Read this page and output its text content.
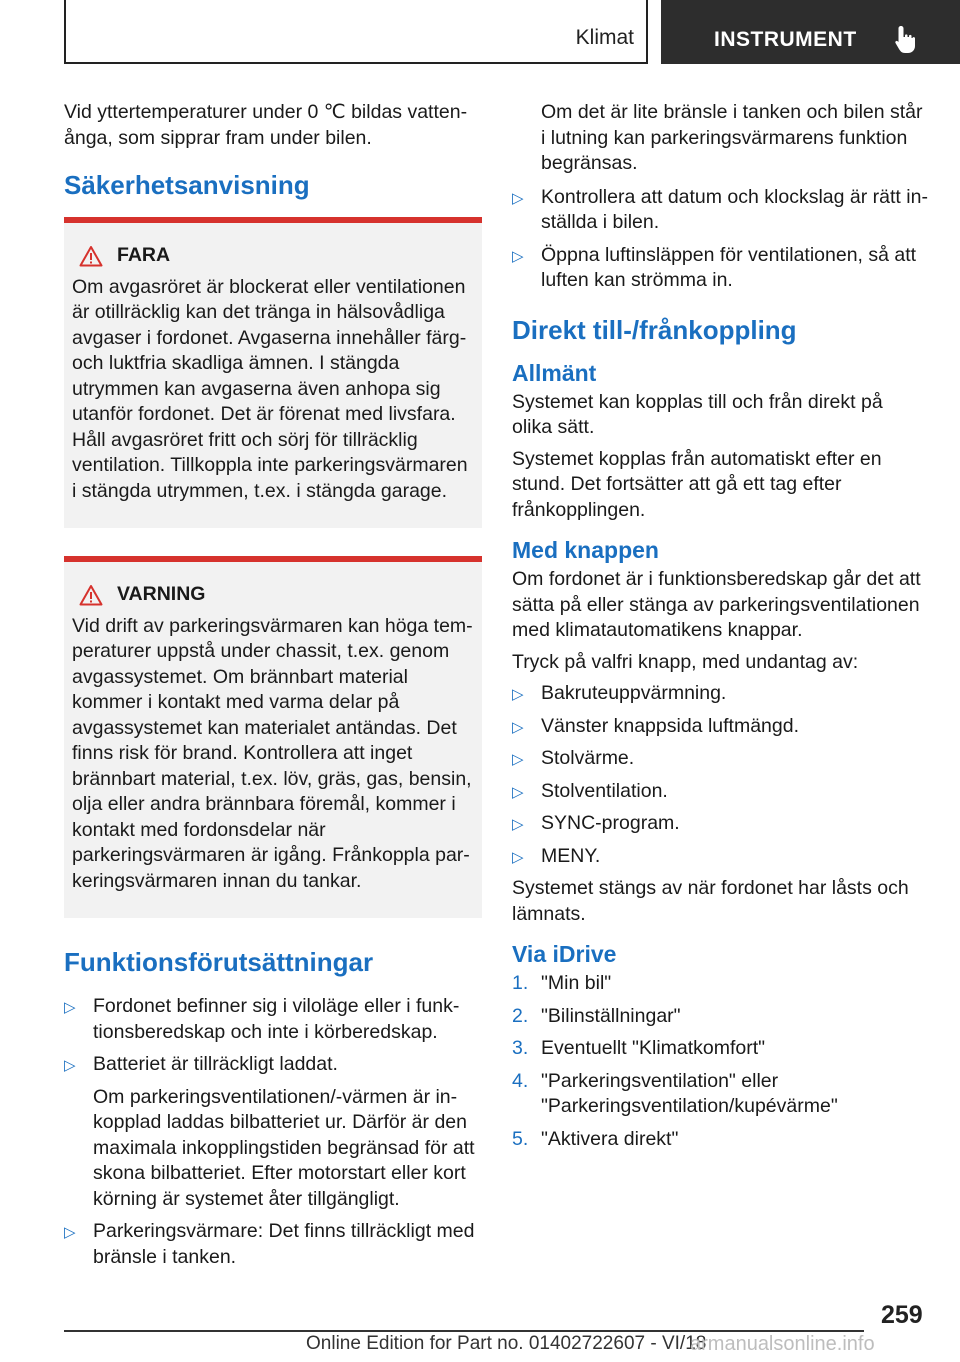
Klimat	INSTRUMENT

Vid yttertemperaturer under 0 ℃ bildas vattenånga, som sipprar fram under bilen.

Säkerhetsanvisning
FARA

Om avgasröret är blockerat eller ventilationen är otillräcklig kan det tränga in hälsovådliga avgaser i fordonet. Avgaserna innehåller färg- och luktfria skadliga ämnen. I stängda utrymmen kan avgaserna även anhopa sig utanför fordonet. Det är förenat med livsfara. Håll avgasröret fritt och sörj för tillräcklig ventilation. Tillkoppla inte parkeringsvärmaren i stängda utrymmen, t.ex. i stängda garage.

VARNING

Vid drift av parkeringsvärmaren kan höga temperaturer uppstå under chassit, t.ex. genom avgassystemet. Om brännbart material kommer i kontakt med varma delar på avgassystemet kan materialet antändas. Det finns risk för brand. Kontrollera att inget brännbart material, t.ex. löv, gräs, gas, bensin, olja eller andra brännbara föremål, kommer i kontakt med fordonsdelar när parkeringsvärmaren är igång. Frånkoppla parkeringsvärmaren innan du tankar.

Funktionsförutsättningar
▷ Fordonet befinner sig i viloläge eller i funktionsberedskap och inte i körberedskap.
▷ Batteriet är tillräckligt laddat.
Om parkeringsventilationen/-värmen är inkopplad laddas bilbatteriet ur. Därför är den maximala inkopplingstiden begränsad för att skona bilbatteriet. Efter motorstart eller kort körning är systemet åter tillgängligt.
▷ Parkeringsvärmare: Det finns tillräckligt med bränsle i tanken.

Om det är lite bränsle i tanken och bilen står i lutning kan parkeringsvärmarens funktion begränsas.

▷ Kontrollera att datum och klockslag är rätt inställda i bilen.
▷ Öppna luftinsläppen för ventilationen, så att luften kan strömma in.
Direkt till-/frånkoppling
Allmänt

Systemet kan kopplas till och från direkt på olika sätt.

Systemet kopplas från automatiskt efter en stund. Det fortsätter att gå ett tag efter frånkopplingen.

Med knappen

Om fordonet är i funktionsberedskap går det att sätta på eller stänga av parkeringsventilationen med klimatautomatikens knappar.

Tryck på valfri knapp, med undantag av:

▷ Bakruteuppvärmning.
▷ Vänster knappsida luftmängd.
▷ Stolvärme.
▷ Stolventilation.
▷ SYNC-program.
▷ MENY.

Systemet stängs av när fordonet har låsts och lämnats.

Via iDrive
1. "Min bil"
2. "Bilinställningar"
3. Eventuellt "Klimatkomfort"
4. "Parkeringsventilation" eller "Parkeringsventilation/kupévärme"
5. "Aktivera direkt"
259
Online Edition for Part no. 01402722607 - VI/18
armanualsonline.info
